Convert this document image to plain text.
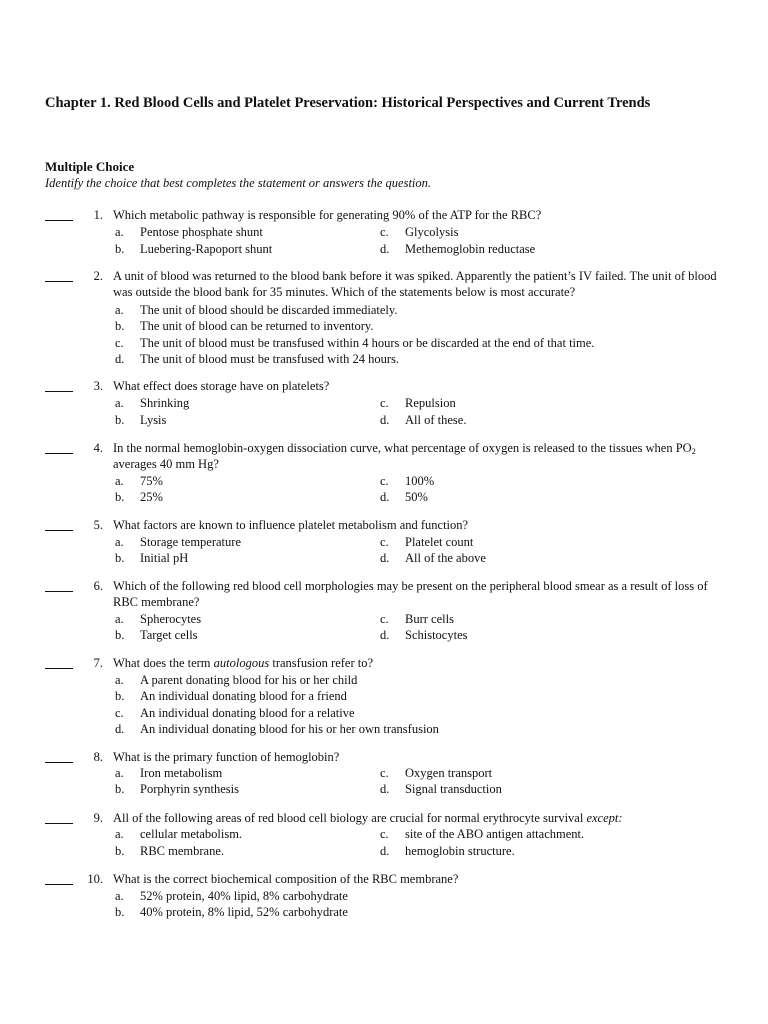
Chapter 1. Red Blood Cells and Platelet Preservation: Historical Perspectives and Current Trends
Multiple Choice
Identify the choice that best completes the statement or answers the question.
1. Which metabolic pathway is responsible for generating 90% of the ATP for the RBC?
a.	Pentose phosphate shunt
b.	Luebering-Rapoport shunt
c.	Glycolysis
d.	Methemoglobin reductase
2. A unit of blood was returned to the blood bank before it was spiked. Apparently the patient’s IV failed. The unit of blood was outside the blood bank for 35 minutes. Which of the statements below is most accurate?
a.	The unit of blood should be discarded immediately.
b.	The unit of blood can be returned to inventory.
c.	The unit of blood must be transfused within 4 hours or be discarded at the end of that time.
d.	The unit of blood must be transfused with 24 hours.
3. What effect does storage have on platelets?
a.	Shrinking
b.	Lysis
c.	Repulsion
d.	All of these.
4. In the normal hemoglobin-oxygen dissociation curve, what percentage of oxygen is released to the tissues when $PO_2$ averages 40 mm Hg?
a.	75%
b.	25%
c.	100%
d.	50%
5. What factors are known to influence platelet metabolism and function?
a.	Storage temperature
b.	Initial pH
c.	Platelet count
d.	All of the above
6. Which of the following red blood cell morphologies may be present on the peripheral blood smear as a result of loss of RBC membrane?
a.	Spherocytes
b.	Target cells
c.	Burr cells
d.	Schistocytes
7. What does the term autologous transfusion refer to?
a.	A parent donating blood for his or her child
b.	An individual donating blood for a friend
c.	An individual donating blood for a relative
d.	An individual donating blood for his or her own transfusion
8. What is the primary function of hemoglobin?
a.	Iron metabolism
b.	Porphyrin synthesis
c.	Oxygen transport
d.	Signal transduction
9. All of the following areas of red blood cell biology are crucial for normal erythrocyte survival except:
a.	cellular metabolism.
b.	RBC membrane.
c.	site of the ABO antigen attachment.
d.	hemoglobin structure.
10. What is the correct biochemical composition of the RBC membrane?
a.	52% protein, 40% lipid, 8% carbohydrate
b.	40% protein, 8% lipid, 52% carbohydrate
